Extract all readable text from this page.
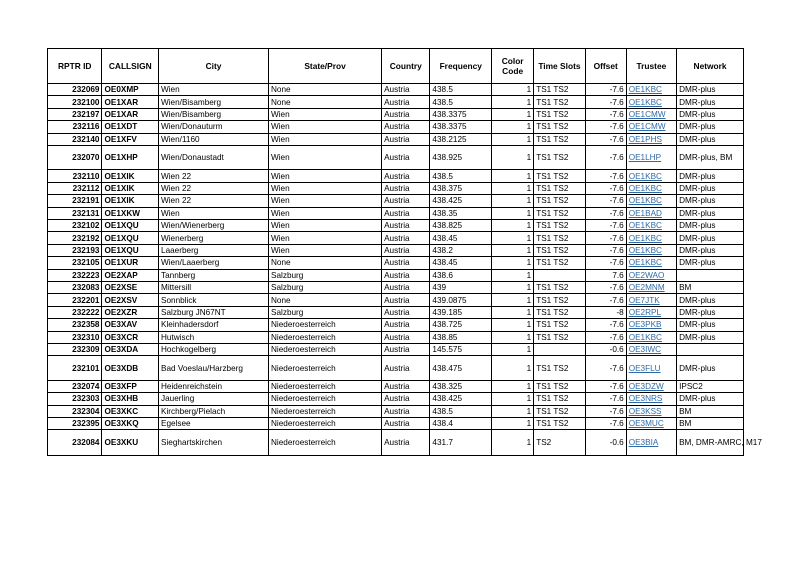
RPTR ID	CALLSIGN	City	State/Prov	Country	Frequency	Color Code	Time Slots	Offset	Trustee	Network
232069	OE0XMP	Wien	None	Austria	438.5	1	TS1 TS2	-7.6	OE1KBC	DMR-plus
232100	OE1XAR	Wien/Bisamberg	None	Austria	438.5	1	TS1 TS2	-7.6	OE1KBC	DMR-plus
232197	OE1XAR	Wien/Bisamberg	Wien	Austria	438.3375	1	TS1 TS2	-7.6	OE1CMW	DMR-plus
232116	OE1XDT	Wien/Donauturm	Wien	Austria	438.3375	1	TS1 TS2	-7.6	OE1CMW	DMR-plus
232140	OE1XFV	Wien/1160	Wien	Austria	438.2125	1	TS1 TS2	-7.6	OE1PHS	DMR-plus
232070	OE1XHP	Wien/Donaustadt	Wien	Austria	438.925	1	TS1 TS2	-7.6	OE1LHP	DMR-plus, BM
232110	OE1XIK	Wien 22	Wien	Austria	438.5	1	TS1 TS2	-7.6	OE1KBC	DMR-plus
232112	OE1XIK	Wien 22	Wien	Austria	438.375	1	TS1 TS2	-7.6	OE1KBC	DMR-plus
232191	OE1XIK	Wien 22	Wien	Austria	438.425	1	TS1 TS2	-7.6	OE1KBC	DMR-plus
232131	OE1XKW	Wien	Wien	Austria	438.35	1	TS1 TS2	-7.6	OE1BAD	DMR-plus
232102	OE1XQU	Wien/Wienerberg	Wien	Austria	438.825	1	TS1 TS2	-7.6	OE1KBC	DMR-plus
232192	OE1XQU	Wienerberg	Wien	Austria	438.45	1	TS1 TS2	-7.6	OE1KBC	DMR-plus
232193	OE1XQU	Laaerberg	Wien	Austria	438.2	1	TS1 TS2	-7.6	OE1KBC	DMR-plus
232105	OE1XUR	Wien/Laaerberg	None	Austria	438.45	1	TS1 TS2	-7.6	OE1KBC	DMR-plus
232223	OE2XAP	Tannberg	Salzburg	Austria	438.6	1		7.6	OE2WAO	
232083	OE2XSE	Mittersill	Salzburg	Austria	439	1	TS1 TS2	-7.6	OE2MNM	BM
232201	OE2XSV	Sonnblick	None	Austria	439.0875	1	TS1 TS2	-7.6	OE7JTK	DMR-plus
232222	OE2XZR	Salzburg JN67NT	Salzburg	Austria	439.185	1	TS1 TS2	-8	OE2RPL	DMR-plus
232358	OE3XAV	Kleinhadersdorf	Niederoesterreich	Austria	438.725	1	TS1 TS2	-7.6	OE3PKB	DMR-plus
232310	OE3XCR	Hutwisch	Niederoesterreich	Austria	438.85	1	TS1 TS2	-7.6	OE1KBC	DMR-plus
232309	OE3XDA	Hochkogelberg	Niederoesterreich	Austria	145.575	1		-0.6	OE3IWC	
232101	OE3XDB	Bad Voeslau/Harzberg	Niederoesterreich	Austria	438.475	1	TS1 TS2	-7.6	OE3FLU	DMR-plus
232074	OE3XFP	Heidenreichstein	Niederoesterreich	Austria	438.325	1	TS1 TS2	-7.6	OE3DZW	IPSC2
232303	OE3XHB	Jauerling	Niederoesterreich	Austria	438.425	1	TS1 TS2	-7.6	OE3NRS	DMR-plus
232304	OE3XKC	Kirchberg/Pielach	Niederoesterreich	Austria	438.5	1	TS1 TS2	-7.6	OE3KSS	BM
232395	OE3XKQ	Egelsee	Niederoesterreich	Austria	438.4	1	TS1 TS2	-7.6	OE3MUC	BM
232084	OE3XKU	Sieghartskirchen	Niederoesterreich	Austria	431.7	1	TS2	-0.6	OE3BIA	BM, DMR-AMRC, M17
